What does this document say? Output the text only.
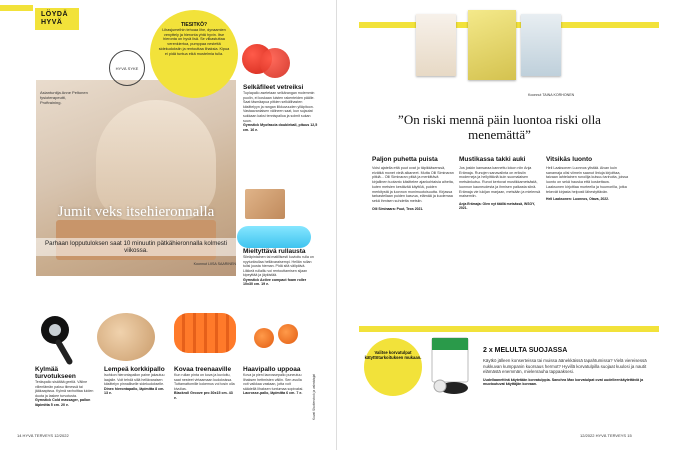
LÖYDÄ HYVÄ
Asiantuntija Anne Peltonen fysioterapeutti, Proftraining.
Jumit veks itsehieronnalla
Parhaan lopputuloksen saat 10 minuutin pätkähieronnalla kolmesti viikossa.
Koonnut LIISA SAARINEN
HYVÄ SYKE
TIESITKÖ?
Lihasjumeihin tehoaa lihe, dynaamien venyttely ja hieronta yhtä hyvin. Itse hieronta on hyvä lisä. Se vilkastuttaa verenkiertoa, pumppaa nestettä sidekudoksiin ja rentouttaa lihaksia. Kipua ei pidä tuntua eikä mustelmia tulla.
Selkäfileet vetreiksi
Tuplapallo asetetaan selkärangan molemmin puolin, ei koskaan luisten rakenteiden päälle. Saat täsmäapua pitkien selkälihasten käsittelyyn ja rangan liikkuvuuden ylläpitoon. Vastaavanlaisen välineen saat, kun sujautat sukkaan kaksi tennispalloa ja solmit sukan suun.
Gymstick Myofascia doubleball, pituus 12,5 cm. 16 e.
Mieltyttävä rullausta
Sileäpintainen tai matillisesti kuvioitu rulla on nyyturärullaa hellävaraisempi. Hellän rullan tulisi jousta hieman. Pidä sitä välipäivä. Liikkeä rullaillu voi rentouttamisen sijaan kipeyttää ja jäykistää.
Gymstick Active compact foam roller 10x30 cm. 19 e.
Kylmää turvotukseen
Teräspallo sisältää geeliä. Väline viilentämän paksu tiimessä tai jääkaapissa. Kylmä ravhoittaa luiden duota ja laskee turvotusta.
Gymstick Cold massager, pallon läpimitta 5 cm. 20 e.
Lempeä korkkipallo
Isohkon hierontapallon paine jakautuu laajalle. Voit tehdä sillä hellävaraisen käsittelyn pinnalliselle sidekudokselle.
Dinex hierontapallo, läpimitta 8 cm. 13 e.
Kovaa treenaaville
Kun rullan pinta on kova ja kuvioitu, saat nesteet virtaamaan kudoksissa. Tuttamattomille kokemus voi tosin olla kivulias.
Blackroll Groove pro 30x15 cm. 43 e.
Haavipallo uppoaa
Kova ja pieni lacrossepallo puneutuu lihaksen hettmisten väliin. Sen avulla voit vaikkaa vastaan, jotta voit säädellä lihaksen tuntumaa sopivaksi.
Lacrosse-pallo, läpimitta 6 cm. 7 e.	Kuvat Shutterstock ja valmistajat
14 HYVÄ TERVEYS 12/2022
Koonnut TAINA KORHONEN
”On riski mennä päin luontoa riski olla menemättä”
Paljon puhetta puista

Voisi ajatella että puut ovat jo täpikkäsenssä, eivätkä monet vielä alkaneet. Mutta Olli Siminaran pitkiä... Olli Siminaran pitkä ja merkittävä kirjallinen tuotanto käsittelee ajankohtaisia aiheita, kuten metsien kestävää käyttöä, puiden merkitystä ja luonnon monimuotoisuutta. Kirjassa tarkastellaan puiden kasvua, elämää ja kuolemaa sekä ihmisen suhdetta metsiin.

Olli Siminaara: Puut, Teos 2021.
Mustikassa takki auki

Jos joskin kansaraa kannettu lokon niin Anja Erämaja. Runojen sanavalinta on eriksiin moderneja ja hellyittäviä kuin suomalaisen metsänkutsu. Runot kertovat mustikkametsästä, luonnon kauneudesta ja ihmisen paikasta siinä. Erämaja vie lukijan marjaan, metsään ja mielensä maisemiin.

Anja Erämaja: Olen nyt täällä metsässä, WSOY, 2021.
Vitsikäs luonto

Heli Laaksonen Luonnos ylistää. Aivan kuin sanamaja olisi viimein saanut lintuja kirjoittaa, taivaan lahtelainen runoilija kutsuu tarinoita, joissa luonto on sekä hauska että koskettava. Laaksonen kirjoittaa murteella ja huumorilla, jotka tekevät kirjasta helposti lähestyttävän.

Heli Laaksonen: Luonnos, Otava, 2022.
Valitse korvatulpat kätyttötarkoituksen mukaan.
2 x MELULTA SUOJASSA
Käytkö jälleen konserteissa tai muissa äänekkäissä tapahtumissa? Vielä viereisessä nukkuvan kumppanin kuorsaus hermot? Hyvillä korvatulpilla suojaat kuulosi ja nautit elämästä enemmän, mielenrauha tappaaksesi.
Uudellaanettinä käytetään korvatulppia. Sanohra Max korvatulpat ovat uudelleenkäytettäviä ja muotoutuvat käyttäjän korvaan.
12/2022 HYVÄ TERVEYS 15
